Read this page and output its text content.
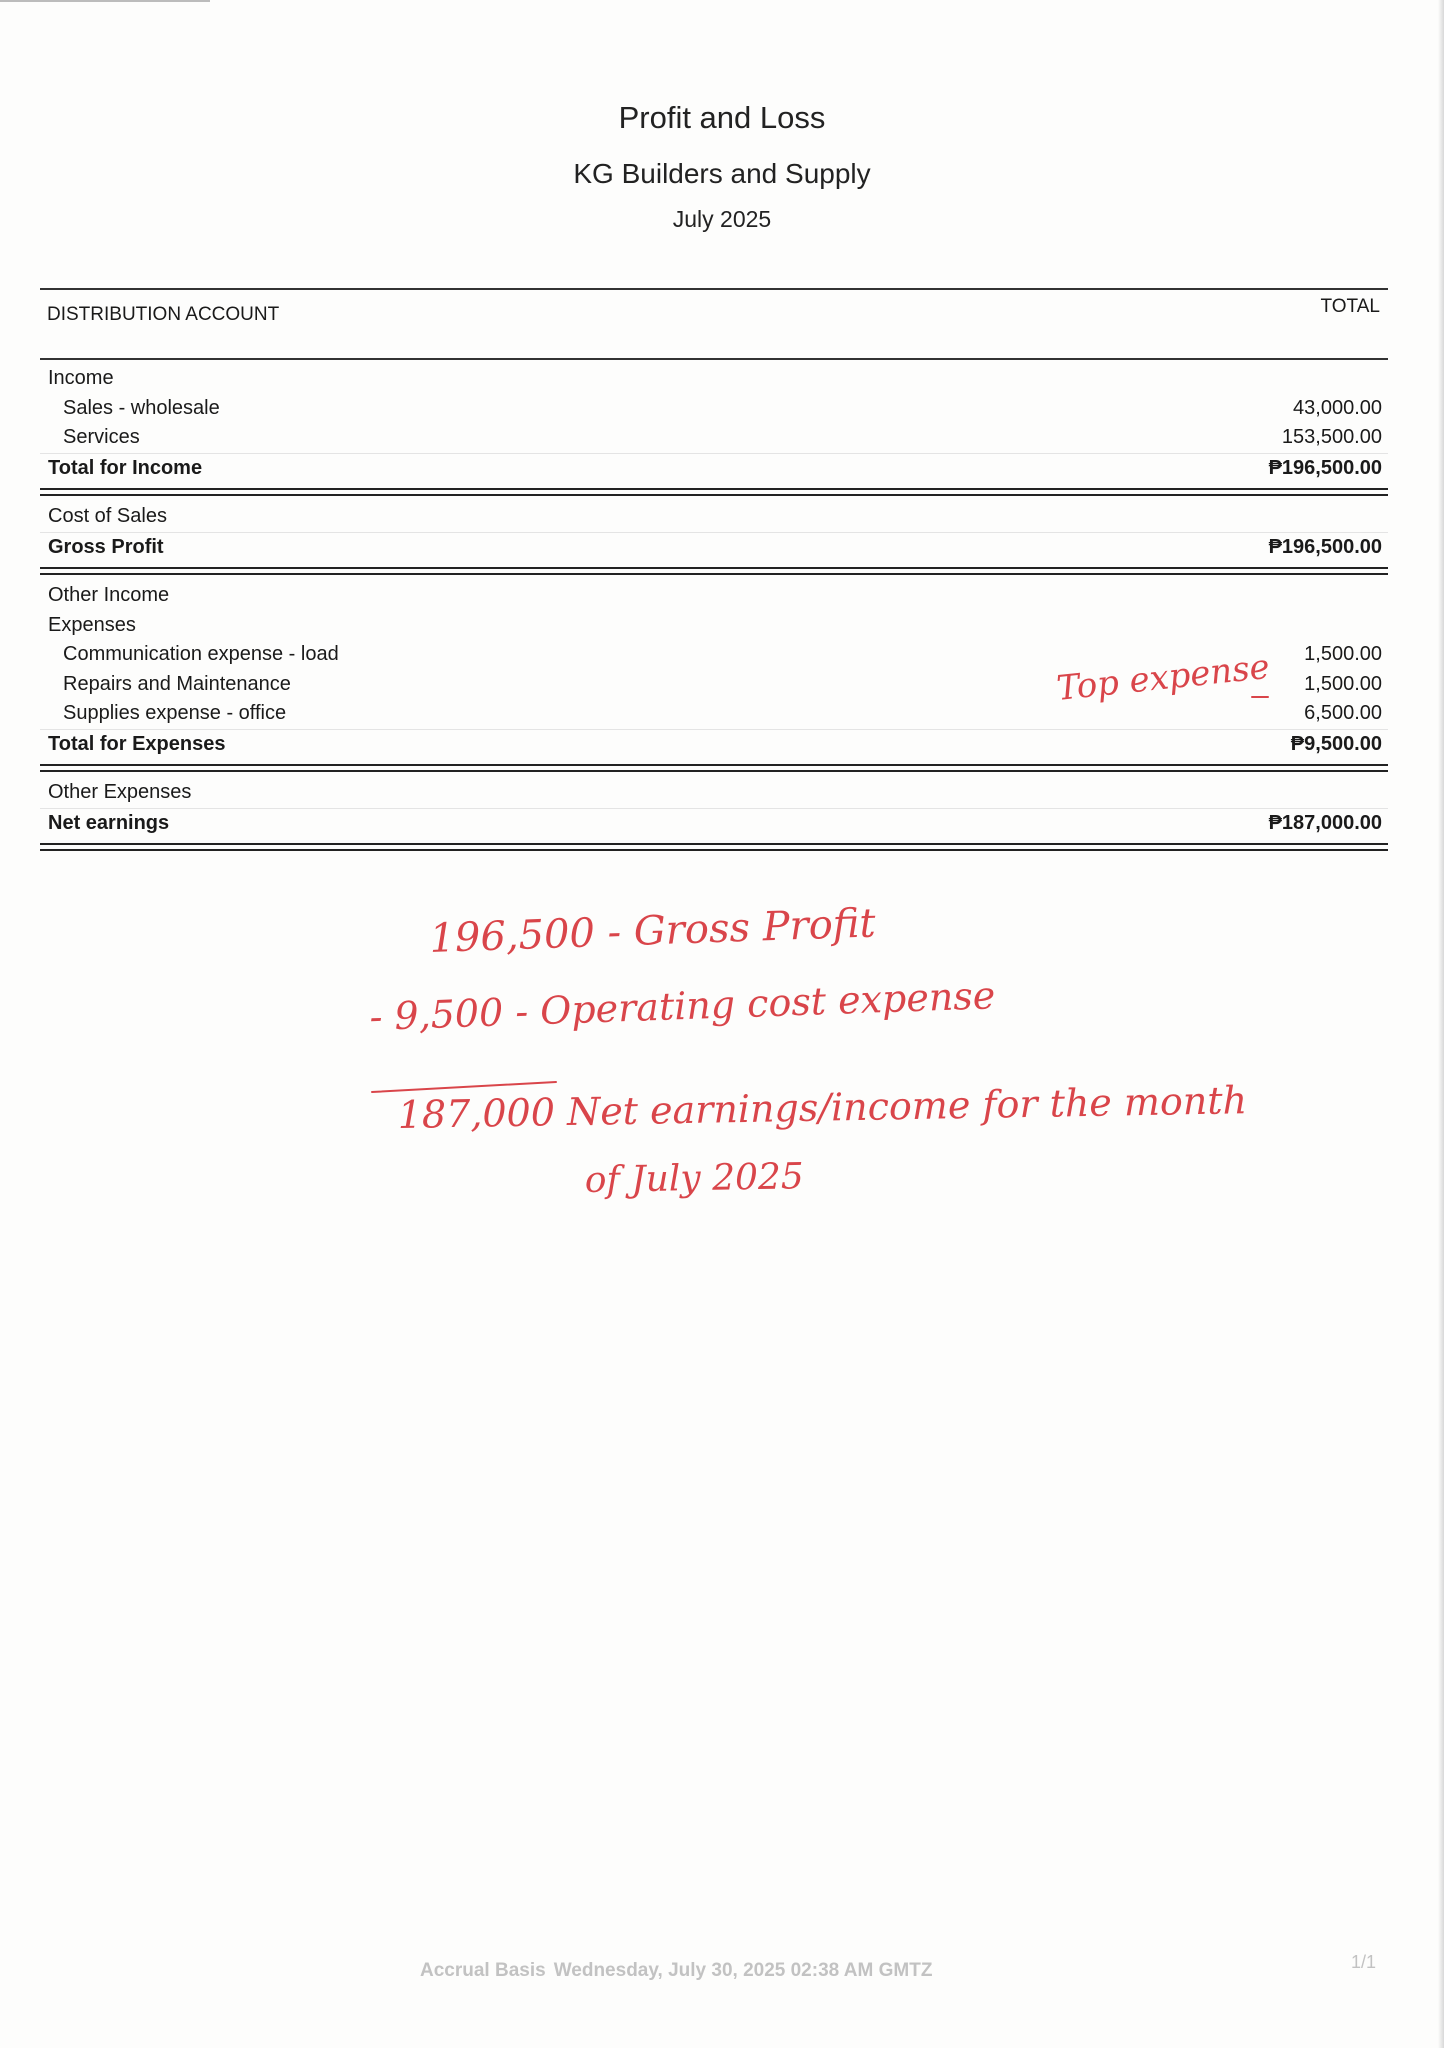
Profit and Loss
KG Builders and Supply
July 2025
DISTRIBUTION ACCOUNT	TOTAL
Income
Sales - wholesale	43,000.00
Services	153,500.00
Total for Income	₱196,500.00
Cost of Sales
Gross Profit	₱196,500.00
Other Income
Expenses
Communication expense - load	1,500.00
Repairs and Maintenance	1,500.00
Supplies expense - office	6,500.00
Total for Expenses	₱9,500.00
Other Expenses
Net earnings	₱187,000.00
Top expense
196,500 - Gross Profit
- 9,500 - Operating cost expense
187,000 Net earnings/income for the month
of July 2025
Accrual Basis Wednesday, July 30, 2025 02:38 AM GMTZ	1/1
